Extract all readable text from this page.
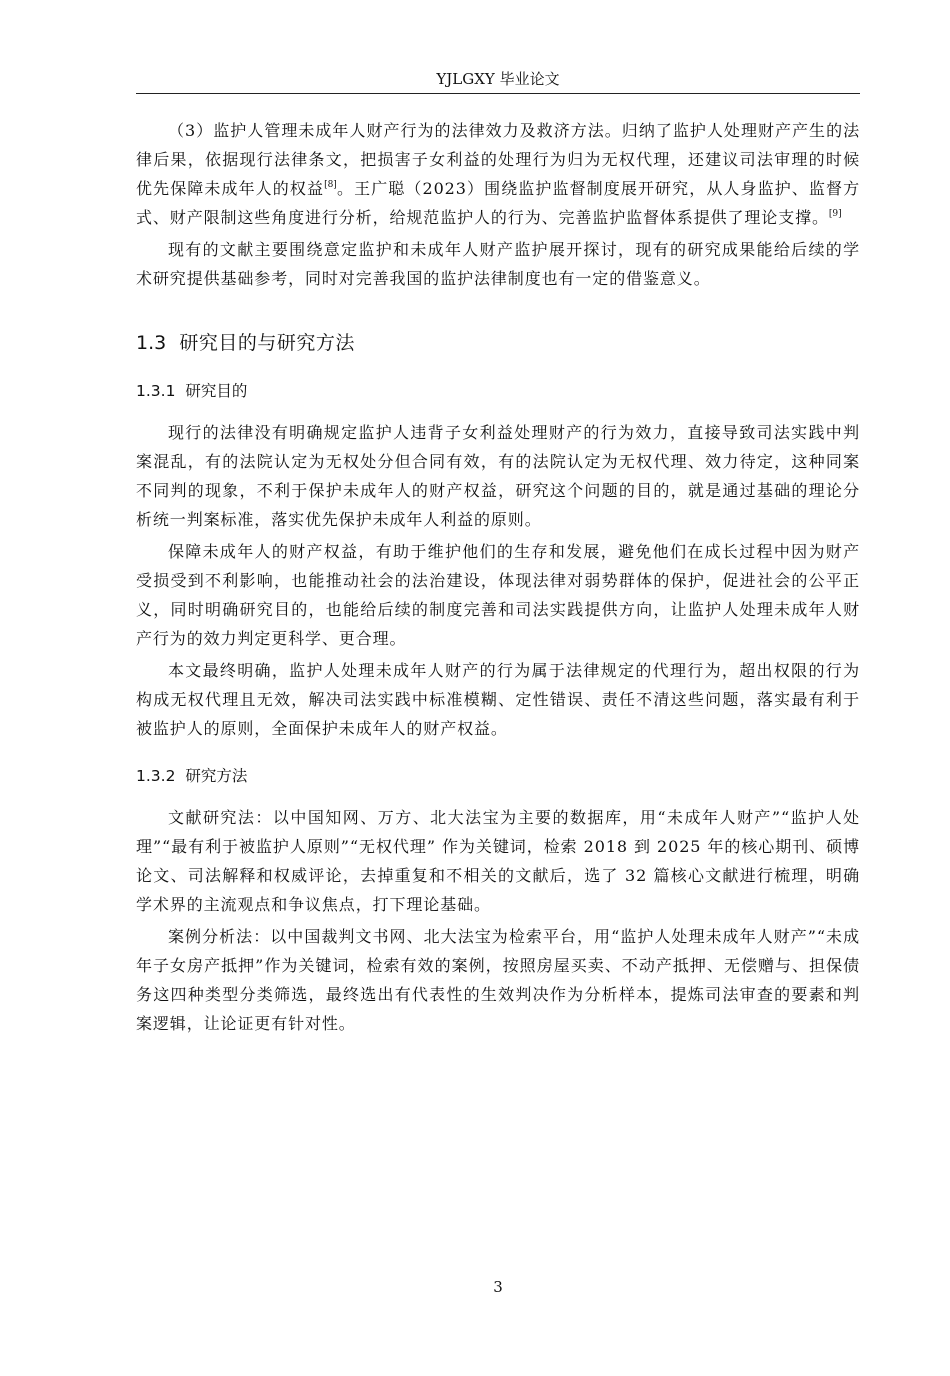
YJLGXY 毕业论文

（3）监护人管理未成年人财产行为的法律效力及救济方法。归纳了监护人处理财产产生的法律后果，依据现行法律条文，把损害子女利益的处理行为归为无权代理，还建议司法审理的时候优先保障未成年人的权益[8]。王广聪（2023）围绕监护监督制度展开研究，从人身监护、监督方式、财产限制这些角度进行分析，给规范监护人的行为、完善监护监督体系提供了理论支撑。[9]

现有的文献主要围绕意定监护和未成年人财产监护展开探讨，现有的研究成果能给后续的学术研究提供基础参考，同时对完善我国的监护法律制度也有一定的借鉴意义。

1.3 研究目的与研究方法
1.3.1 研究目的

现行的法律没有明确规定监护人违背子女利益处理财产的行为效力，直接导致司法实践中判案混乱，有的法院认定为无权处分但合同有效，有的法院认定为无权代理、效力待定，这种同案不同判的现象，不利于保护未成年人的财产权益，研究这个问题的目的，就是通过基础的理论分析统一判案标准，落实优先保护未成年人利益的原则。

保障未成年人的财产权益，有助于维护他们的生存和发展，避免他们在成长过程中因为财产受损受到不利影响，也能推动社会的法治建设，体现法律对弱势群体的保护，促进社会的公平正义，同时明确研究目的，也能给后续的制度完善和司法实践提供方向，让监护人处理未成年人财产行为的效力判定更科学、更合理。

本文最终明确，监护人处理未成年人财产的行为属于法律规定的代理行为，超出权限的行为构成无权代理且无效，解决司法实践中标准模糊、定性错误、责任不清这些问题，落实最有利于被监护人的原则，全面保护未成年人的财产权益。

1.3.2 研究方法

文献研究法：以中国知网、万方、北大法宝为主要的数据库，用“未成年人财产”“监护人处理”“最有利于被监护人原则”“无权代理” 作为关键词，检索 2018 到 2025 年的核心期刊、硕博论文、司法解释和权威评论，去掉重复和不相关的文献后，选了 32 篇核心文献进行梳理，明确学术界的主流观点和争议焦点，打下理论基础。

案例分析法：以中国裁判文书网、北大法宝为检索平台，用“监护人处理未成年人财产”“未成年子女房产抵押”作为关键词，检索有效的案例，按照房屋买卖、不动产抵押、无偿赠与、担保债务这四种类型分类筛选，最终选出有代表性的生效判决作为分析样本，提炼司法审查的要素和判案逻辑，让论证更有针对性。

3
